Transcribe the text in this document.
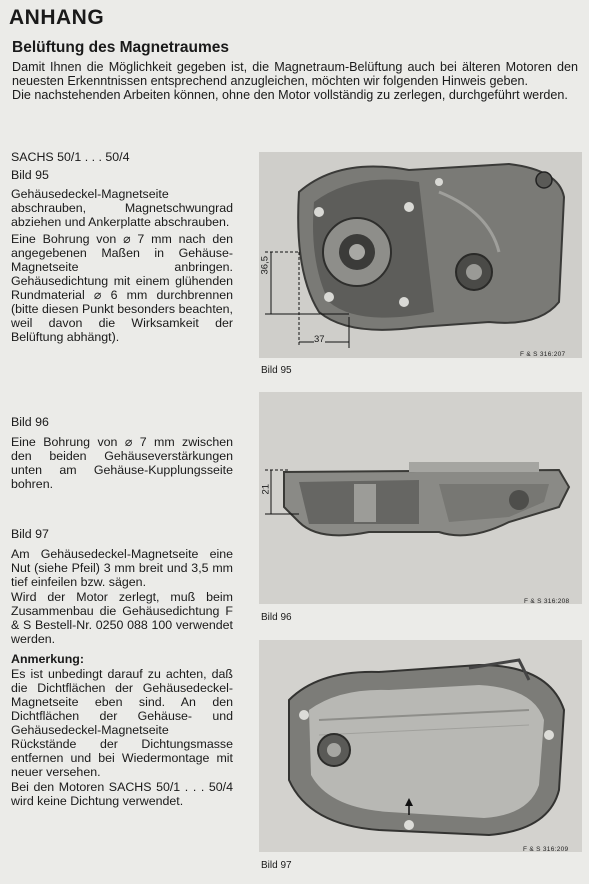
ANHANG
Belüftung des Magnetraumes

Damit Ihnen die Möglichkeit gegeben ist, die Magnetraum-Belüftung auch bei älteren Motoren den neuesten Erkenntnissen entsprechend anzugleichen, möchten wir folgenden Hinweis geben.

Die nachstehenden Arbeiten können, ohne den Motor vollständig zu zerlegen, durchgeführt werden.

SACHS 50/1 . . . 50/4

Bild 95

Gehäusedeckel-Magnetseite abschrauben, Magnetschwungrad abziehen und Ankerplatte abschrauben.

Eine Bohrung von ⌀ 7 mm nach den angegebenen Maßen in Gehäuse-Magnetseite anbringen. Gehäusedichtung mit einem glühenden Rundmaterial ⌀ 6 mm durchbrennen (bitte diesen Punkt besonders beachten, weil davon die Wirksamkeit der Belüftung abhängt).

Bild 96

Eine Bohrung von ⌀ 7 mm zwischen den beiden Gehäuseverstärkungen unten am Gehäuse-Kupplungsseite bohren.

Bild 97

Am Gehäusedeckel-Magnetseite eine Nut (siehe Pfeil) 3 mm breit und 3,5 mm tief einfeilen bzw. sägen.

Wird der Motor zerlegt, muß beim Zusammenbau die Gehäusedichtung F & S Bestell-Nr. 0250 088 100 verwendet werden.

Anmerkung:

Es ist unbedingt darauf zu achten, daß die Dichtflächen der Gehäusedeckel-Magnetseite eben sind. An den Dichtflächen der Gehäuse- und Gehäusedeckel-Magnetseite Rückstände der Dichtungsmasse entfernen und bei Wiedermontage mit neuer versehen.

Bei den Motoren SACHS 50/1 . . . 50/4 wird keine Dichtung verwendet.

36,5
37
Bild 95
F & S 316:207
21
Bild 96
F & S 316:208
Bild 97
F & S 316:209
